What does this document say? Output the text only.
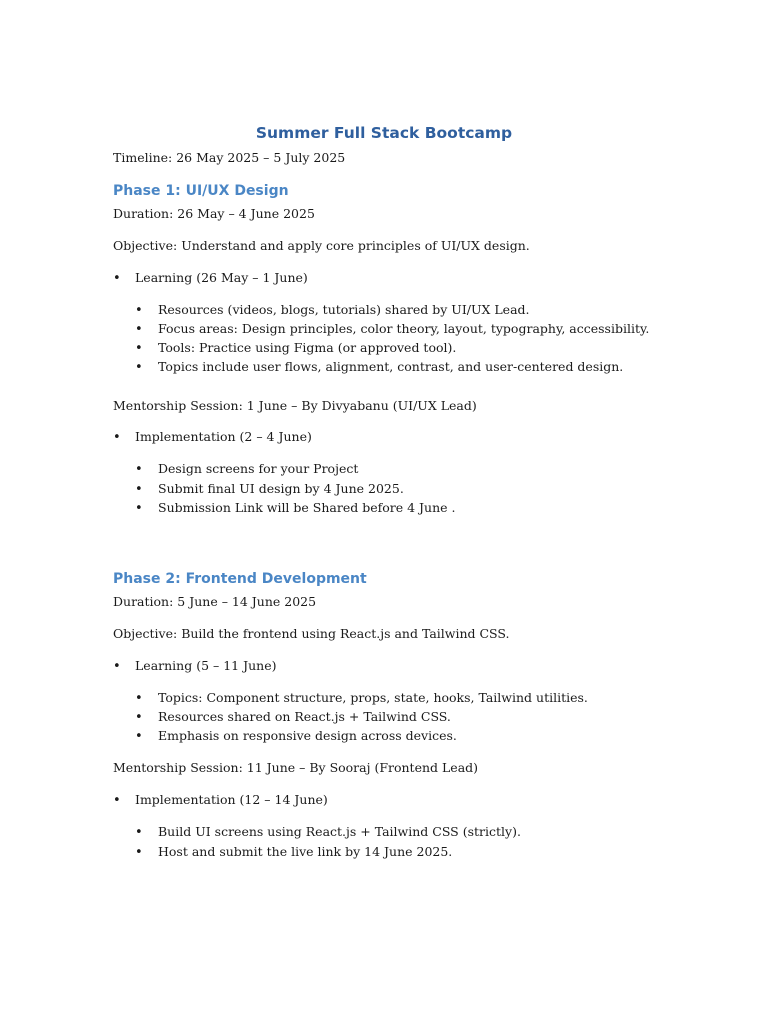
Summer Full Stack Bootcamp

Timeline: 26 May 2025 – 5 July 2025

Phase 1: UI/UX Design

Duration: 26 May – 4 June 2025

Objective: Understand and apply core principles of UI/UX design.

• Learning (26 May – 1 June)

• Resources (videos, blogs, tutorials) shared by UI/UX Lead.

• Focus areas: Design principles, color theory, layout, typography, accessibility.

• Tools: Practice using Figma (or approved tool).

• Topics include user flows, alignment, contrast, and user-centered design.

Mentorship Session: 1 June – By Divyabanu (UI/UX Lead)

• Implementation (2 – 4 June)

• Design screens for your Project

• Submit final UI design by 4 June 2025.

• Submission Link will be Shared before 4 June .

Phase 2: Frontend Development

Duration: 5 June – 14 June 2025

Objective: Build the frontend using React.js and Tailwind CSS.

• Learning (5 – 11 June)

• Topics: Component structure, props, state, hooks, Tailwind utilities.

• Resources shared on React.js + Tailwind CSS.

• Emphasis on responsive design across devices.

Mentorship Session: 11 June – By Sooraj (Frontend Lead)

• Implementation (12 – 14 June)

• Build UI screens using React.js + Tailwind CSS (strictly).

• Host and submit the live link by 14 June 2025.
